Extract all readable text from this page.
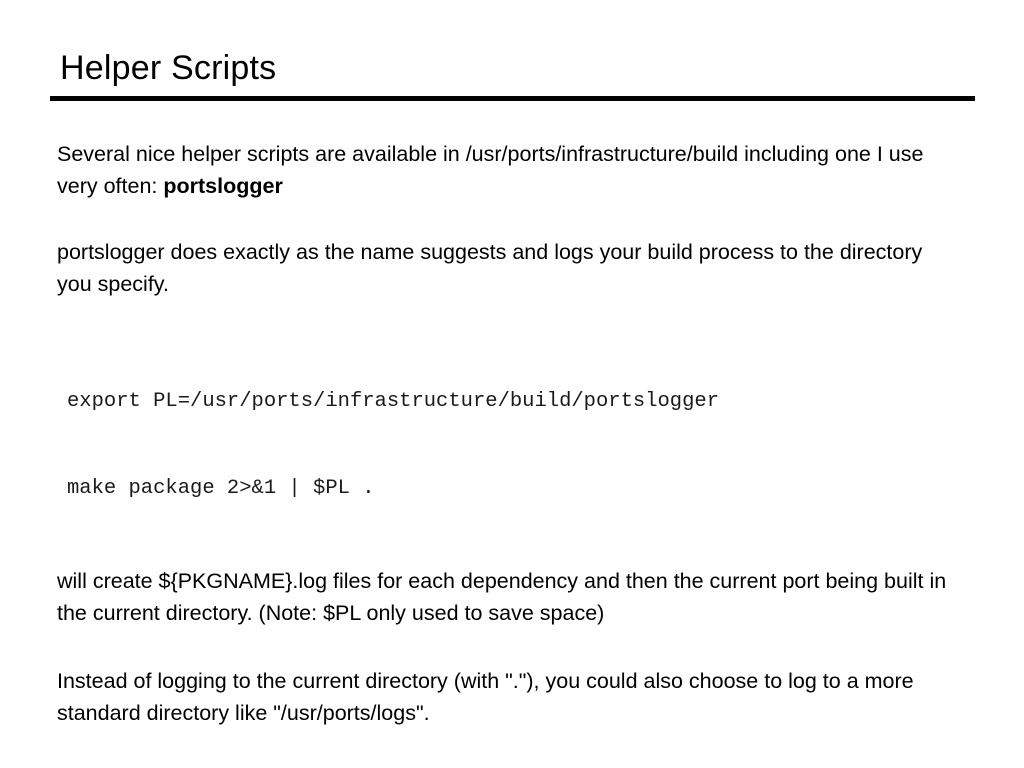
Helper Scripts

Several nice helper scripts are available in /usr/ports/infrastructure/build including one I use very often: portslogger

portslogger does exactly as the name suggests and logs your build process to the directory you specify.

export PL=/usr/ports/infrastructure/build/portslogger

make package 2>&1 | $PL .

will create ${PKGNAME}.log files for each dependency and then the current port being built in the current directory. (Note: $PL only used to save space)

Instead of logging to the current directory (with "."), you could also choose to log to a more standard directory like "/usr/ports/logs".
